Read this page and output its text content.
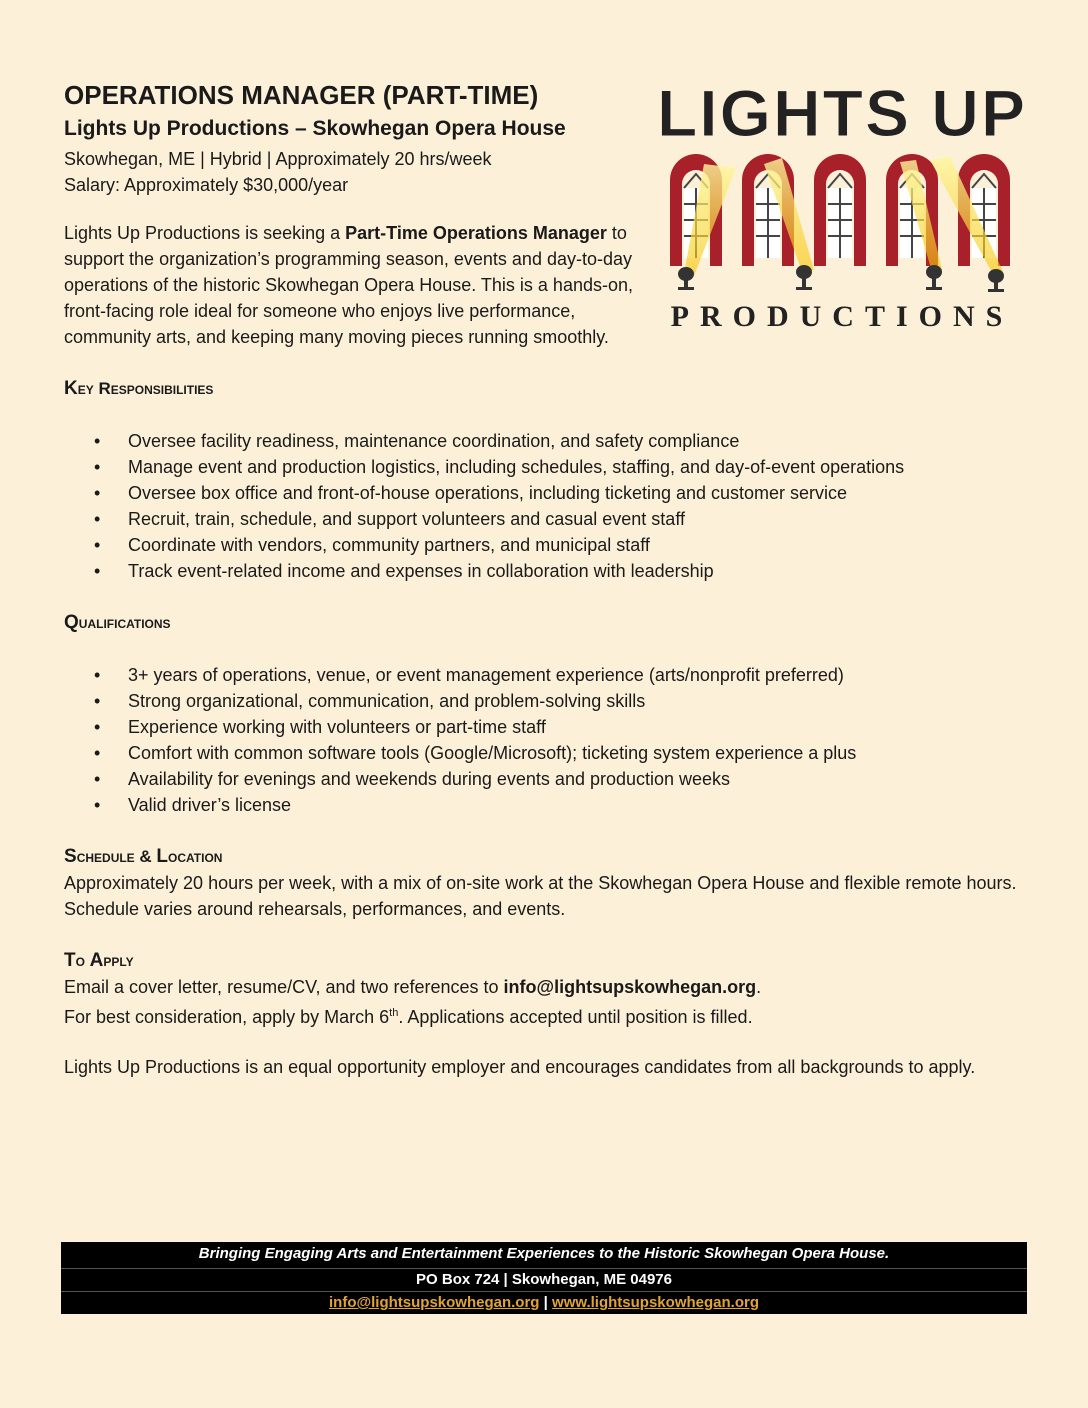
LIGHTS UP
PRODUCTIONS
OPERATIONS MANAGER (PART-TIME)
Lights Up Productions – Skowhegan Opera House

Skowhegan, ME | Hybrid | Approximately 20 hrs/week

Salary: Approximately $30,000/year

Lights Up Productions is seeking a Part-Time Operations Manager to support the organization’s programming season, events and day-to-day operations of the historic Skowhegan Opera House. This is a hands-on, front-facing role ideal for someone who enjoys live performance, community arts, and keeping many moving pieces running smoothly.
Key Responsibilities
• Oversee facility readiness, maintenance coordination, and safety compliance
• Manage event and production logistics, including schedules, staffing, and day-of-event operations
• Oversee box office and front-of-house operations, including ticketing and customer service
• Recruit, train, schedule, and support volunteers and casual event staff
• Coordinate with vendors, community partners, and municipal staff
• Track event-related income and expenses in collaboration with leadership
Qualifications
• 3+ years of operations, venue, or event management experience (arts/nonprofit preferred)
• Strong organizational, communication, and problem-solving skills
• Experience working with volunteers or part-time staff
• Comfort with common software tools (Google/Microsoft); ticketing system experience a plus
• Availability for evenings and weekends during events and production weeks
• Valid driver’s license
Schedule & Location

Approximately 20 hours per week, with a mix of on-site work at the Skowhegan Opera House and flexible remote hours. Schedule varies around rehearsals, performances, and events.

To Apply

Email a cover letter, resume/CV, and two references to info@lightsupskowhegan.org.

For best consideration, apply by March 6th. Applications accepted until position is filled.

Lights Up Productions is an equal opportunity employer and encourages candidates from all backgrounds to apply.

Bringing Engaging Arts and Entertainment Experiences to the Historic Skowhegan Opera House.
PO Box 724 | Skowhegan, ME 04976
info@lightsupskowhegan.org | www.lightsupskowhegan.org
